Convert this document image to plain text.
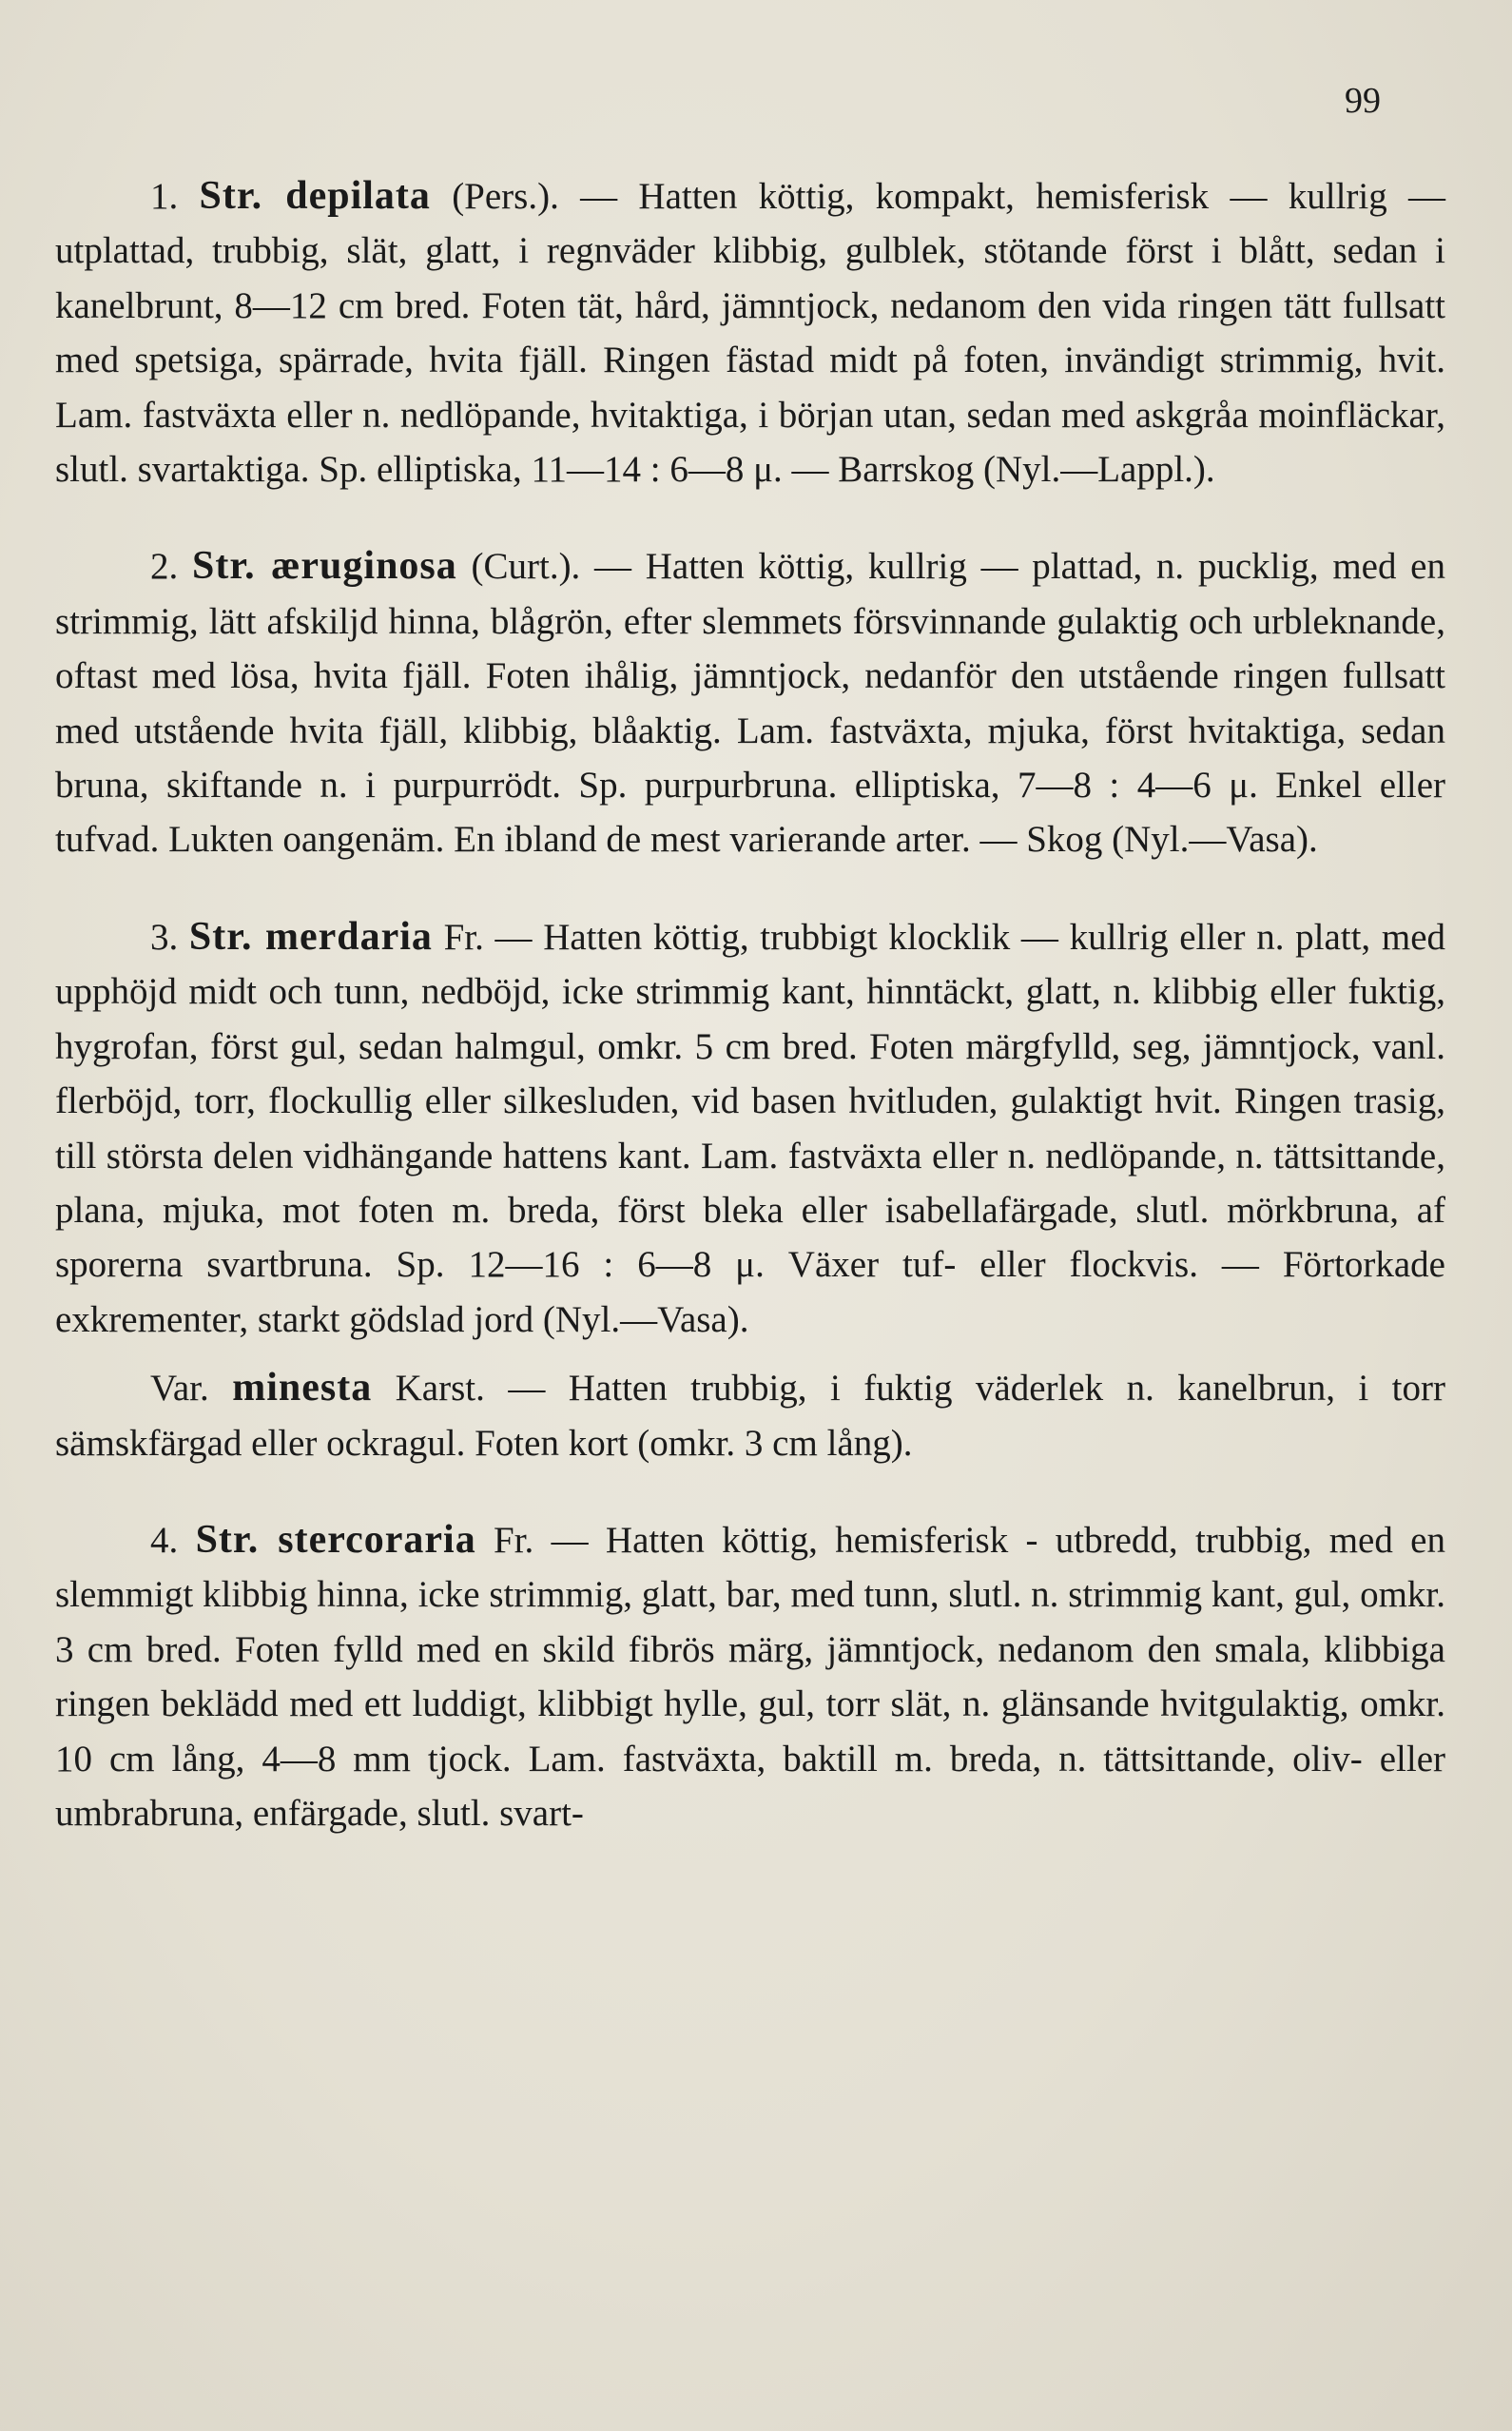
99

1. Str. depilata (Pers.). — Hatten köttig, kompakt, hemisferisk — kullrig — utplattad, trubbig, slät, glatt, i regnväder klibbig, gulblek, stötande först i blått, sedan i kanelbrunt, 8—12 cm bred. Foten tät, hård, jämntjock, nedanom den vida ringen tätt fullsatt med spetsiga, spärrade, hvita fjäll. Ringen fästad midt på foten, invändigt strimmig, hvit. Lam. fastväxta eller n. nedlöpande, hvitaktiga, i början utan, sedan med askgråa moinfläckar, slutl. svartaktiga. Sp. elliptiska, 11—14 : 6—8 μ. — Barrskog (Nyl.—Lappl.).

2. Str. æruginosa (Curt.). — Hatten köttig, kullrig — plattad, n. pucklig, med en strimmig, lätt afskiljd hinna, blågrön, efter slemmets försvinnande gulaktig och urbleknande, oftast med lösa, hvita fjäll. Foten ihålig, jämntjock, nedanför den utstående ringen fullsatt med utstående hvita fjäll, klibbig, blåaktig. Lam. fastväxta, mjuka, först hvitaktiga, sedan bruna, skiftande n. i purpurrödt. Sp. purpurbruna. elliptiska, 7—8 : 4—6 μ. Enkel eller tufvad. Lukten oangenäm. En ibland de mest varierande arter. — Skog (Nyl.—Vasa).

3. Str. merdaria Fr. — Hatten köttig, trubbigt klocklik — kullrig eller n. platt, med upphöjd midt och tunn, nedböjd, icke strimmig kant, hinntäckt, glatt, n. klibbig eller fuktig, hygrofan, först gul, sedan halmgul, omkr. 5 cm bred. Foten märgfylld, seg, jämntjock, vanl. flerböjd, torr, flockullig eller silkesluden, vid basen hvitluden, gulaktigt hvit. Ringen trasig, till största delen vidhängande hattens kant. Lam. fastväxta eller n. nedlöpande, n. tättsittande, plana, mjuka, mot foten m. breda, först bleka eller isabellafärgade, slutl. mörkbruna, af sporerna svartbruna. Sp. 12—16 : 6—8 μ. Växer tuf- eller flockvis. — Förtorkade exkrementer, starkt gödslad jord (Nyl.—Vasa).

Var. minesta Karst. — Hatten trubbig, i fuktig väderlek n. kanelbrun, i torr sämskfärgad eller ockragul. Foten kort (omkr. 3 cm lång).

4. Str. stercoraria Fr. — Hatten köttig, hemisferisk - utbredd, trubbig, med en slemmigt klibbig hinna, icke strimmig, glatt, bar, med tunn, slutl. n. strimmig kant, gul, omkr. 3 cm bred. Foten fylld med en skild fibrös märg, jämntjock, nedanom den smala, klibbiga ringen beklädd med ett luddigt, klibbigt hylle, gul, torr slät, n. glänsande hvitgulaktig, omkr. 10 cm lång, 4—8 mm tjock. Lam. fastväxta, baktill m. breda, n. tättsittande, oliv- eller umbrabruna, enfärgade, slutl. svart-
